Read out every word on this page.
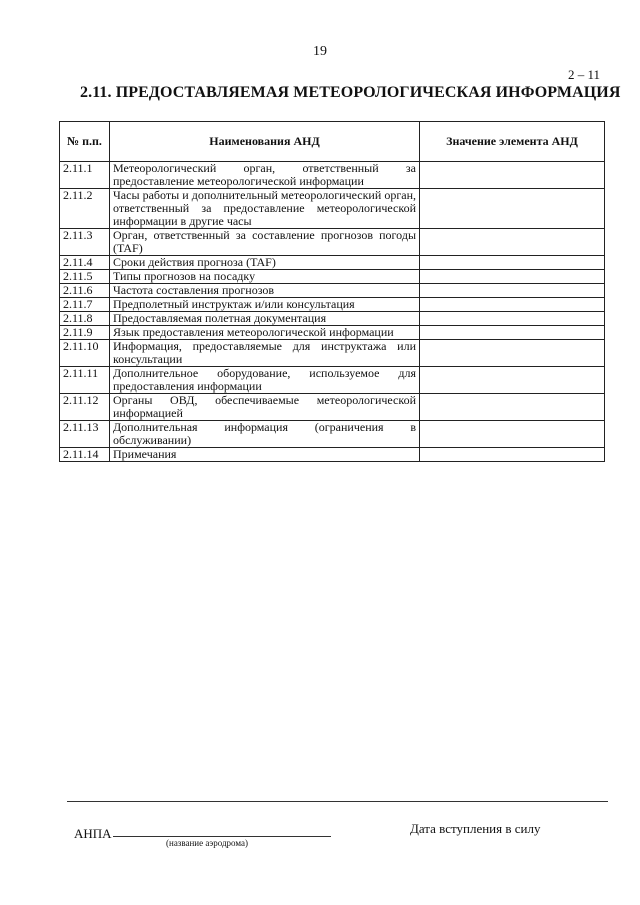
19
2 – 11
2.11. ПРЕДОСТАВЛЯЕМАЯ МЕТЕОРОЛОГИЧЕСКАЯ ИНФОРМАЦИЯ
№ п.п.	Наименования АНД	Значение элемента АНД
2.11.1	Метеорологический орган, ответственный за предоставление метеорологической информации	
2.11.2	Часы работы и дополнительный метеорологический орган, ответственный за предоставление метеорологической информации в другие часы	
2.11.3	Орган, ответственный за составление прогнозов погоды (TAF)	
2.11.4	Сроки действия прогноза (TAF)	
2.11.5	Типы прогнозов на посадку	
2.11.6	Частота составления прогнозов	
2.11.7	Предполетный инструктаж и/или консультация	
2.11.8	Предоставляемая полетная документация	
2.11.9	Язык предоставления метеорологической информации	
2.11.10	Информация, предоставляемые для инструктажа или консультации	
2.11.11	Дополнительное оборудование, используемое для предоставления информации	
2.11.12	Органы ОВД, обеспечиваемые метеорологической информацией	
2.11.13	Дополнительная информация (ограничения в обслуживании)	
2.11.14	Примечания	
АНПА
(название аэродрома)
Дата вступления в силу
